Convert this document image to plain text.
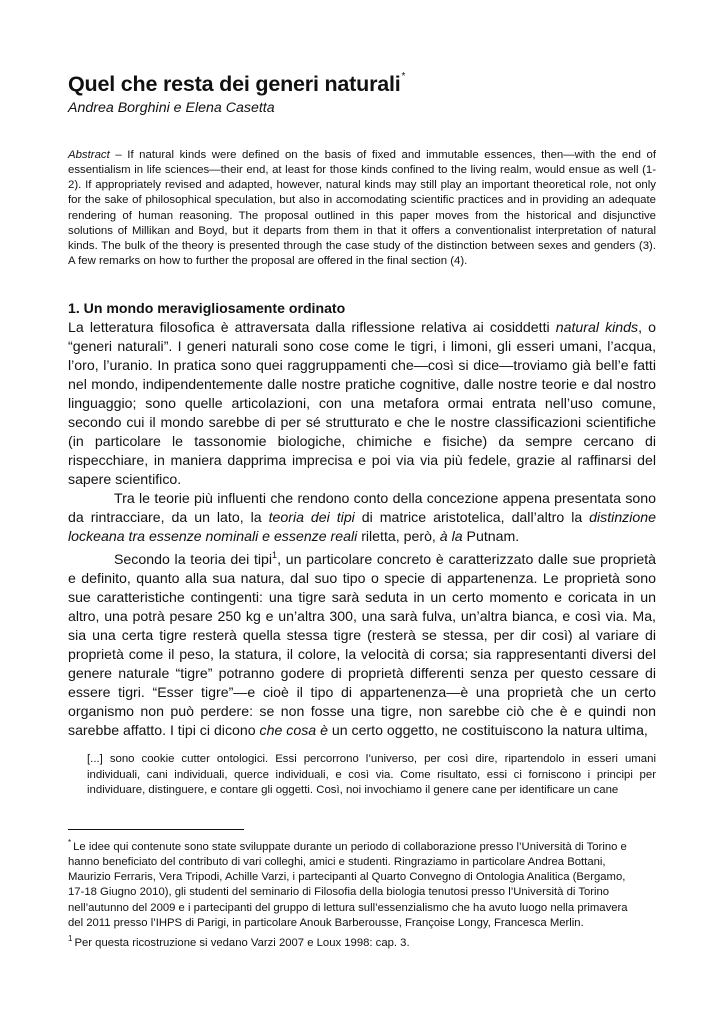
Quel che resta dei generi naturali*
Andrea Borghini e Elena Casetta
Abstract – If natural kinds were defined on the basis of fixed and immutable essences, then—with the end of essentialism in life sciences—their end, at least for those kinds confined to the living realm, would ensue as well (1-2). If appropriately revised and adapted, however, natural kinds may still play an important theoretical role, not only for the sake of philosophical speculation, but also in accomodating scientific practices and in providing an adequate rendering of human reasoning. The proposal outlined in this paper moves from the historical and disjunctive solutions of Millikan and Boyd, but it departs from them in that it offers a conventionalist interpretation of natural kinds. The bulk of the theory is presented through the case study of the distinction between sexes and genders (3). A few remarks on how to further the proposal are offered in the final section (4).
1. Un mondo meravigliosamente ordinato

La letteratura filosofica è attraversata dalla riflessione relativa ai cosiddetti natural kinds, o “generi naturali”. I generi naturali sono cose come le tigri, i limoni, gli esseri umani, l’acqua, l’oro, l’uranio. In pratica sono quei raggruppamenti che—così si dice—troviamo già bell’e fatti nel mondo, indipendentemente dalle nostre pratiche cognitive, dalle nostre teorie e dal nostro linguaggio; sono quelle articolazioni, con una metafora ormai entrata nell’uso comune, secondo cui il mondo sarebbe di per sé strutturato e che le nostre classificazioni scientifiche (in particolare le tassonomie biologiche, chimiche e fisiche) da sempre cercano di rispecchiare, in maniera dapprima imprecisa e poi via via più fedele, grazie al raffinarsi del sapere scientifico.

Tra le teorie più influenti che rendono conto della concezione appena presentata sono da rintracciare, da un lato, la teoria dei tipi di matrice aristotelica, dall’altro la distinzione lockeana tra essenze nominali e essenze reali riletta, però, à la Putnam.

Secondo la teoria dei tipi$^1$, un particolare concreto è caratterizzato dalle sue proprietà e definito, quanto alla sua natura, dal suo tipo o specie di appartenenza. Le proprietà sono sue caratteristiche contingenti: una tigre sarà seduta in un certo momento e coricata in un altro, una potrà pesare 250 kg e un’altra 300, una sarà fulva, un’altra bianca, e così via. Ma, sia una certa tigre resterà quella stessa tigre (resterà se stessa, per dir così) al variare di proprietà come il peso, la statura, il colore, la velocità di corsa; sia rappresentanti diversi del genere naturale “tigre” potranno godere di proprietà differenti senza per questo cessare di essere tigri. “Esser tigre”—e cioè il tipo di appartenenza—è una proprietà che un certo organismo non può perdere: se non fosse una tigre, non sarebbe ciò che è e quindi non sarebbe affatto. I tipi ci dicono che cosa è un certo oggetto, ne costituiscono la natura ultima,

[...] sono cookie cutter ontologici. Essi percorrono l’universo, per così dire, ripartendolo in esseri umani individuali, cani individuali, querce individuali, e così via. Come risultato, essi ci forniscono i principi per individuare, distinguere, e contare gli oggetti. Così, noi invochiamo il genere cane per identificare un cane

* Le idee qui contenute sono state sviluppate durante un periodo di collaborazione presso l’Università di Torino e hanno beneficiato del contributo di vari colleghi, amici e studenti. Ringraziamo in particolare Andrea Bottani, Maurizio Ferraris, Vera Tripodi, Achille Varzi, i partecipanti al Quarto Convegno di Ontologia Analitica (Bergamo, 17-18 Giugno 2010), gli studenti del seminario di Filosofia della biologia tenutosi presso l’Università di Torino nell’autunno del 2009 e i partecipanti del gruppo di lettura sull’essenzialismo che ha avuto luogo nella primavera del 2011 presso l’IHPS di Parigi, in particolare Anouk Barberousse, Françoise Longy, Francesca Merlin.

$^1$ Per questa ricostruzione si vedano Varzi 2007 e Loux 1998: cap. 3.
